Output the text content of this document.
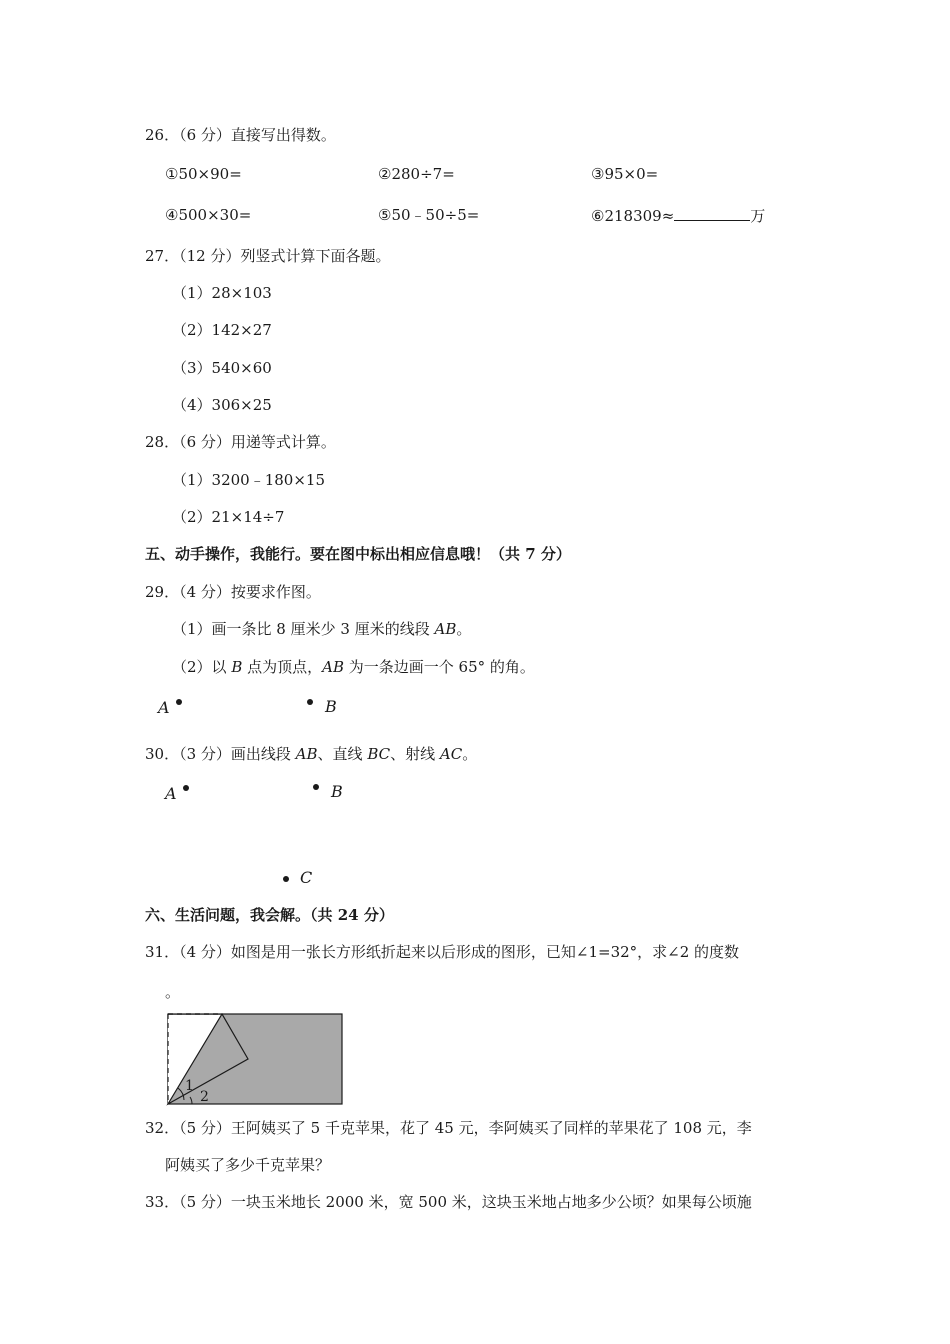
26．（6 分）直接写出得数。
①50×90=	②280÷7=	③95×0=
④500×30=	⑤50﹣50÷5=	⑥218309≈	万
27．（12 分）列竖式计算下面各题。
（1）28×103
（2）142×27
（3）540×60
（4）306×25
28．（6 分）用递等式计算。
（1）3200﹣180×15
（2）21×14÷7
五、动手操作，我能行。要在图中标出相应信息哦！（共 7 分）
29．（4 分）按要求作图。
（1）画一条比 8 厘米少 3 厘米的线段 AB。
（2）以 B 点为顶点，AB 为一条边画一个 65° 的角。
A	B
30．（3 分）画出线段 AB、直线 BC、射线 AC。
A	B
C
六、生活问题，我会解。（共 24 分）
31．（4 分）如图是用一张长方形纸折起来以后形成的图形，已知∠1=32°，求∠2 的度数
。
1
2
32．（5 分）王阿姨买了 5 千克苹果，花了 45 元，李阿姨买了同样的苹果花了 108 元，李
阿姨买了多少千克苹果？
33．（5 分）一块玉米地长 2000 米，宽 500 米，这块玉米地占地多少公顷？如果每公顷施
